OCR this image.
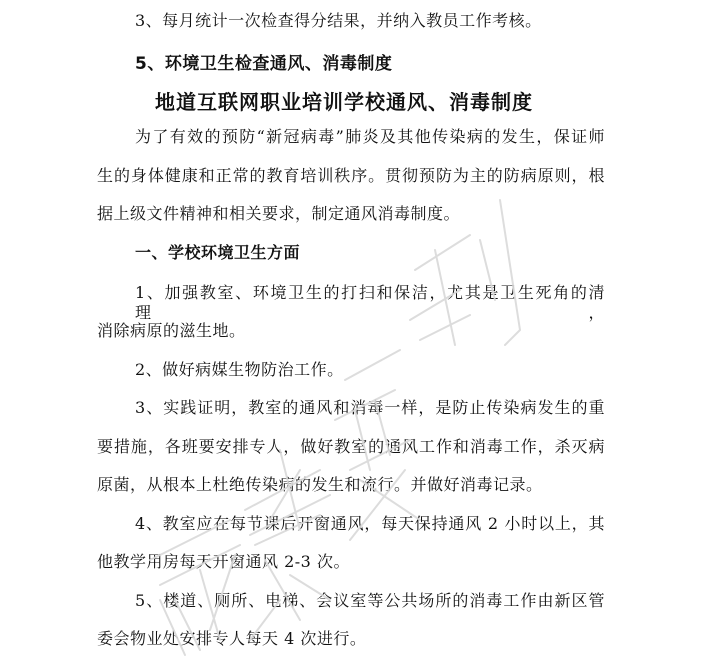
3、每月统计一次检查得分结果，并纳入教员工作考核。
5、环境卫生检查通风、消毒制度
地道互联网职业培训学校通风、消毒制度
为了有效的预防“新冠病毒”肺炎及其他传染病的发生，保证师
生的身体健康和正常的教育培训秩序。贯彻预防为主的防病原则，根
据上级文件精神和相关要求，制定通风消毒制度。
一、学校环境卫生方面
1、加强教室、环境卫生的打扫和保洁，尤其是卫生死角的清理，
消除病原的滋生地。
2、做好病媒生物防治工作。
3、实践证明，教室的通风和消毒一样，是防止传染病发生的重
要措施，各班要安排专人，做好教室的通风工作和消毒工作，杀灭病
原菌，从根本上杜绝传染病的发生和流行。并做好消毒记录。
4、教室应在每节课后开窗通风，每天保持通风 2 小时以上，其
他教学用房每天开窗通风 2-3 次。
5、楼道、厕所、电梯、会议室等公共场所的消毒工作由新区管
委会物业处安排专人每天 4 次进行。
